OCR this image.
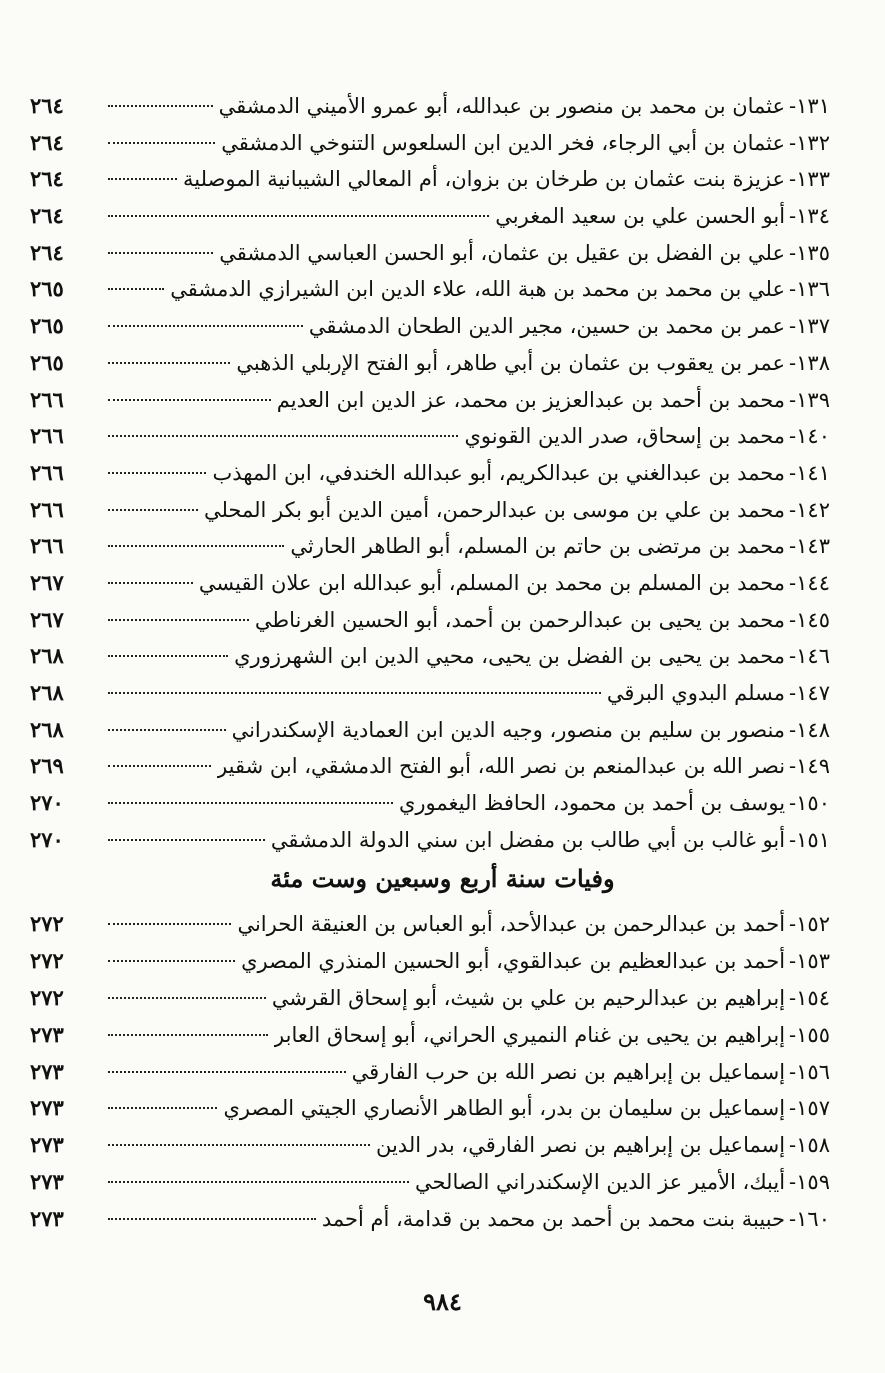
١٣١-
عثمان بن محمد بن منصور بن عبدالله، أبو عمرو الأميني الدمشقي
٢٦٤
١٣٢-
عثمان بن أبي الرجاء، فخر الدين ابن السلعوس التنوخي الدمشقي
٢٦٤
١٣٣-
عزيزة بنت عثمان بن طرخان بن بزوان، أم المعالي الشيبانية الموصلية
٢٦٤
١٣٤-
أبو الحسن علي بن سعيد المغربي
٢٦٤
١٣٥-
علي بن الفضل بن عقيل بن عثمان، أبو الحسن العباسي الدمشقي
٢٦٤
١٣٦-
علي بن محمد بن محمد بن هبة الله، علاء الدين ابن الشيرازي الدمشقي
٢٦٥
١٣٧-
عمر بن محمد بن حسين، مجير الدين الطحان الدمشقي
٢٦٥
١٣٨-
عمر بن يعقوب بن عثمان بن أبي طاهر، أبو الفتح الإربلي الذهبي
٢٦٥
١٣٩-
محمد بن أحمد بن عبدالعزيز بن محمد، عز الدين ابن العديم
٢٦٦
١٤٠-
محمد بن إسحاق، صدر الدين القونوي
٢٦٦
١٤١-
محمد بن عبدالغني بن عبدالكريم، أبو عبدالله الخندفي، ابن المهذب
٢٦٦
١٤٢-
محمد بن علي بن موسى بن عبدالرحمن، أمين الدين أبو بكر المحلي
٢٦٦
١٤٣-
محمد بن مرتضى بن حاتم بن المسلم، أبو الطاهر الحارثي
٢٦٦
١٤٤-
محمد بن المسلم بن محمد بن المسلم، أبو عبدالله ابن علان القيسي
٢٦٧
١٤٥-
محمد بن يحيى بن عبدالرحمن بن أحمد، أبو الحسين الغرناطي
٢٦٧
١٤٦-
محمد بن يحيى بن الفضل بن يحيى، محيي الدين ابن الشهرزوري
٢٦٨
١٤٧-
مسلم البدوي البرقي
٢٦٨
١٤٨-
منصور بن سليم بن منصور، وجيه الدين ابن العمادية الإسكندراني
٢٦٨
١٤٩-
نصر الله بن عبدالمنعم بن نصر الله، أبو الفتح الدمشقي، ابن شقير
٢٦٩
١٥٠-
يوسف بن أحمد بن محمود، الحافظ اليغموري
٢٧٠
١٥١-
أبو غالب بن أبي طالب بن مفضل ابن سني الدولة الدمشقي
٢٧٠
وفيات سنة أربع وسبعين وست مئة
١٥٢-
أحمد بن عبدالرحمن بن عبدالأحد، أبو العباس بن العنيقة الحراني
٢٧٢
١٥٣-
أحمد بن عبدالعظيم بن عبدالقوي، أبو الحسين المنذري المصري
٢٧٢
١٥٤-
إبراهيم بن عبدالرحيم بن علي بن شيث، أبو إسحاق القرشي
٢٧٢
١٥٥-
إبراهيم بن يحيى بن غنام النميري الحراني، أبو إسحاق العابر
٢٧٣
١٥٦-
إسماعيل بن إبراهيم بن نصر الله بن حرب الفارقي
٢٧٣
١٥٧-
إسماعيل بن سليمان بن بدر، أبو الطاهر الأنصاري الجيتي المصري
٢٧٣
١٥٨-
إسماعيل بن إبراهيم بن نصر الفارقي، بدر الدين
٢٧٣
١٥٩-
أيبك، الأمير عز الدين الإسكندراني الصالحي
٢٧٣
١٦٠-
حبيبة بنت محمد بن أحمد بن محمد بن قدامة، أم أحمد
٢٧٣
٩٨٤
